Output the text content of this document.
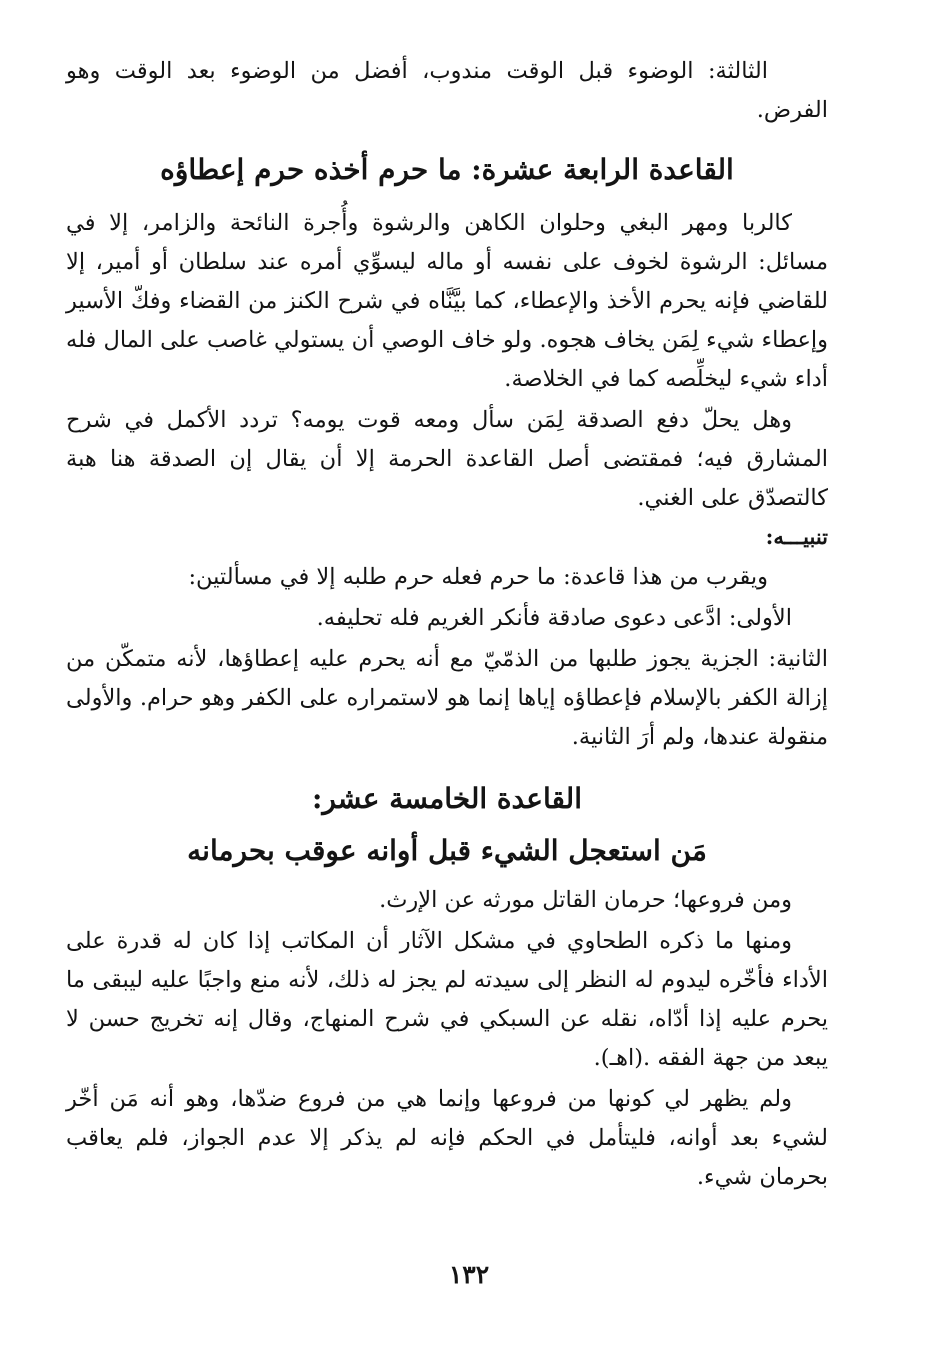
الثالثة: الوضوء قبل الوقت مندوب، أفضل من الوضوء بعد الوقت وهو الفرض.

القاعدة الرابعة عشرة: ما حرم أخذه حرم إعطاؤه

كالربا ومهر البغي وحلوان الكاهن والرشوة وأُجرة النائحة والزامر، إلا في مسائل: الرشوة لخوف على نفسه أو ماله ليسوِّي أمره عند سلطان أو أمير، إلا للقاضي فإنه يحرم الأخذ والإعطاء، كما بيَّنَّاه في شرح الكنز من القضاء وفكّ الأسير وإعطاء شيء لِمَن يخاف هجوه. ولو خاف الوصي أن يستولي غاصب على المال فله أداء شيء ليخلِّصه كما في الخلاصة.

وهل يحلّ دفع الصدقة لِمَن سأل ومعه قوت يومه؟ تردد الأكمل في شرح المشارق فيه؛ فمقتضى أصل القاعدة الحرمة إلا أن يقال إن الصدقة هنا هبة كالتصدّق على الغني.

تنبيـــه:

ويقرب من هذا قاعدة: ما حرم فعله حرم طلبه إلا في مسألتين:

الأولى: ادَّعى دعوى صادقة فأنكر الغريم فله تحليفه.

الثانية: الجزية يجوز طلبها من الذمّيّ مع أنه يحرم عليه إعطاؤها، لأنه متمكّن من إزالة الكفر بالإسلام فإعطاؤه إياها إنما هو لاستمراره على الكفر وهو حرام. والأولى منقولة عندها، ولم أرَ الثانية.

القاعدة الخامسة عشر:
مَن استعجل الشيء قبل أوانه عوقب بحرمانه

ومن فروعها؛ حرمان القاتل مورثه عن الإرث.

ومنها ما ذكره الطحاوي في مشكل الآثار أن المكاتب إذا كان له قدرة على الأداء فأخّره ليدوم له النظر إلى سيدته لم يجز له ذلك، لأنه منع واجبًا عليه ليبقى ما يحرم عليه إذا أدّاه، نقله عن السبكي في شرح المنهاج، وقال إنه تخريج حسن لا يبعد من جهة الفقه .(اهـ).

ولم يظهر لي كونها من فروعها وإنما هي من فروع ضدّها، وهو أنه مَن أخّر لشيء بعد أوانه، فليتأمل في الحكم فإنه لم يذكر إلا عدم الجواز، فلم يعاقب بحرمان شيء.

١٣٢
